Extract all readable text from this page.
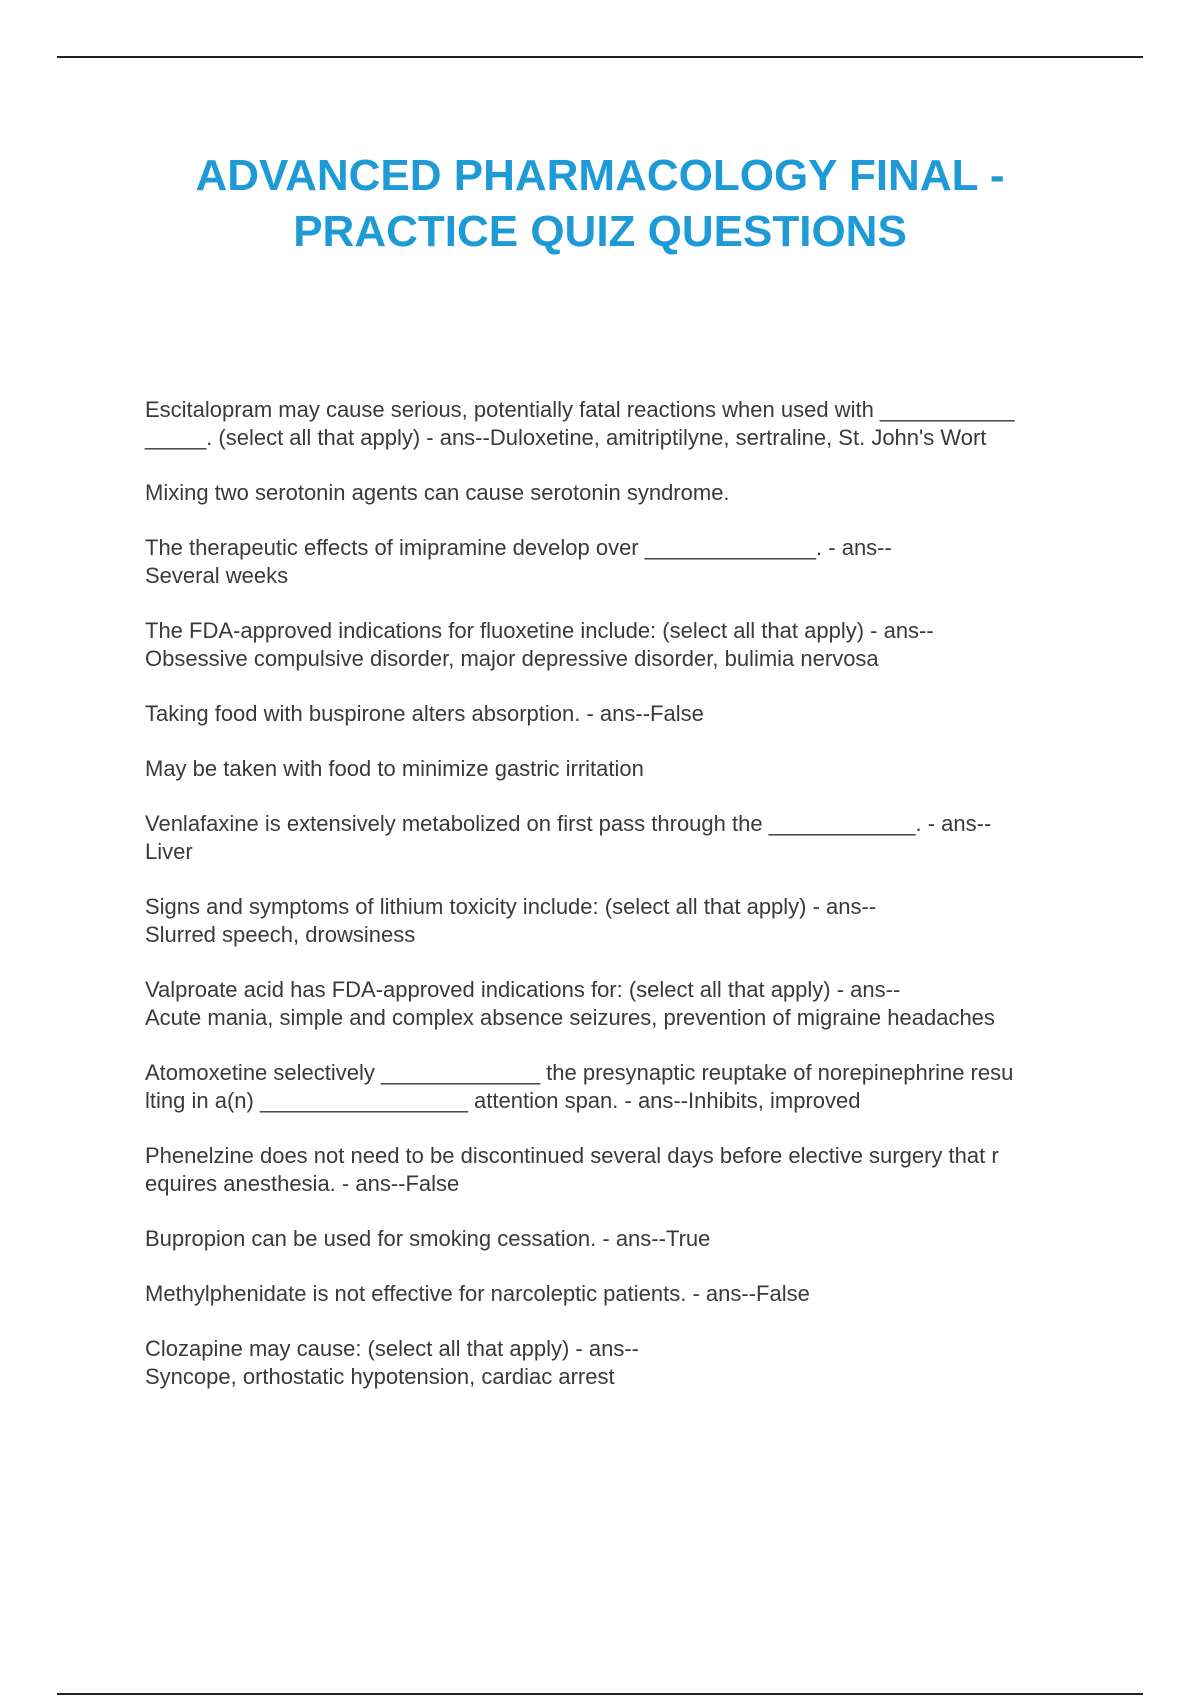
ADVANCED PHARMACOLOGY FINAL -
PRACTICE QUIZ QUESTIONS

Escitalopram may cause serious, potentially fatal reactions when used with ___________
_____. (select all that apply) - ans--Duloxetine, amitriptilyne, sertraline, St. John's Wort

Mixing two serotonin agents can cause serotonin syndrome.

The therapeutic effects of imipramine develop over ______________. - ans--
Several weeks

The FDA-approved indications for fluoxetine include: (select all that apply) - ans--
Obsessive compulsive disorder, major depressive disorder, bulimia nervosa

Taking food with buspirone alters absorption. - ans--False

May be taken with food to minimize gastric irritation

Venlafaxine is extensively metabolized on first pass through the ____________. - ans--
Liver

Signs and symptoms of lithium toxicity include: (select all that apply) - ans--
Slurred speech, drowsiness

Valproate acid has FDA-approved indications for: (select all that apply) - ans--
Acute mania, simple and complex absence seizures, prevention of migraine headaches

Atomoxetine selectively _____________ the presynaptic reuptake of norepinephrine resu
lting in a(n) _________________ attention span. - ans--Inhibits, improved

Phenelzine does not need to be discontinued several days before elective surgery that r
equires anesthesia. - ans--False

Bupropion can be used for smoking cessation. - ans--True

Methylphenidate is not effective for narcoleptic patients. - ans--False

Clozapine may cause: (select all that apply) - ans--
Syncope, orthostatic hypotension, cardiac arrest
